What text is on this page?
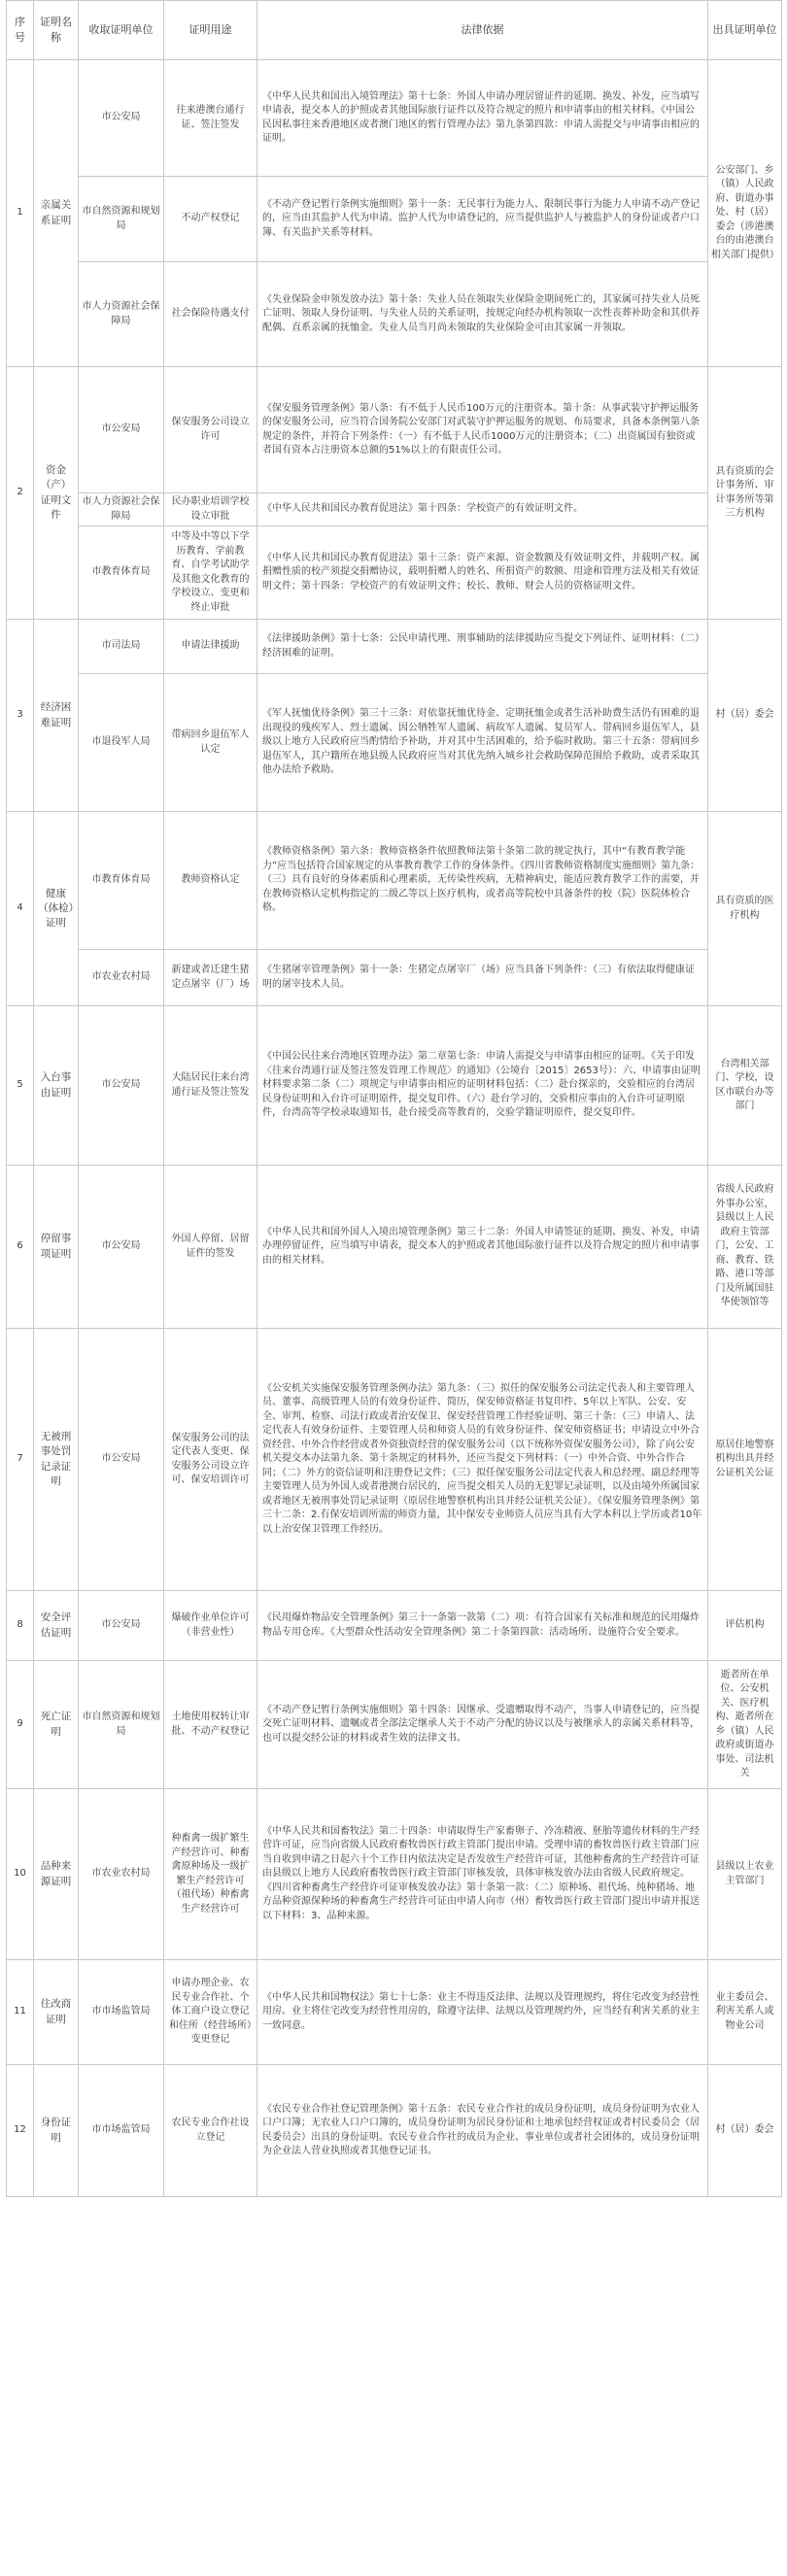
序号	证明名称	收取证明单位	证明用途	法律依据	出具证明单位
1	亲属关系证明	市公安局	往来港澳台通行证、签注签发	《中华人民共和国出入境管理法》第十七条：外国人申请办理居留证件的延期、换发、补发，应当填写申请表，提交本人的护照或者其他国际旅行证件以及符合规定的照片和申请事由的相关材料。《中国公民因私事往来香港地区或者澳门地区的暂行管理办法》第九条第四款：申请人需提交与申请事由相应的证明。	公安部门、乡（镇）人民政府、街道办事处、村（居）委会（涉港澳台的由港澳台相关部门提供）
		市自然资源和规划局	不动产权登记	《不动产登记暂行条例实施细则》第十一条：无民事行为能力人、限制民事行为能力人申请不动产登记的，应当由其监护人代为申请。监护人代为申请登记的，应当提供监护人与被监护人的身份证或者户口簿、有关监护关系等材料。	
		市人力资源社会保障局	社会保险待遇支付	《失业保险金申领发放办法》第十条：失业人员在领取失业保险金期间死亡的，其家属可持失业人员死亡证明、领取人身份证明、与失业人员的关系证明，按规定向经办机构领取一次性丧葬补助金和其供养配偶、直系亲属的抚恤金。失业人员当月尚未领取的失业保险金可由其家属一并领取。	
2	资金（产）证明文件	市公安局	保安服务公司设立许可	《保安服务管理条例》第八条：有不低于人民币100万元的注册资本。第十条：从事武装守护押运服务的保安服务公司，应当符合国务院公安部门对武装守护押运服务的规划、布局要求，具备本条例第八条规定的条件，并符合下列条件：（一）有不低于人民币1000万元的注册资本；（二）出资属国有独资或者国有资本占注册资本总额的51%以上的有限责任公司。	具有资质的会计事务所、审计事务所等第三方机构
		市人力资源社会保障局	民办职业培训学校设立审批	《中华人民共和国民办教育促进法》第十四条：学校资产的有效证明文件。	
		市教育体育局	中等及中等以下学历教育、学前教育、自学考试助学及其他文化教育的学校设立、变更和终止审批	《中华人民共和国民办教育促进法》第十三条：资产来源、资金数额及有效证明文件，并载明产权。属捐赠性质的校产须提交捐赠协议，载明捐赠人的姓名、所捐资产的数额、用途和管理方法及相关有效证明文件；第十四条：学校资产的有效证明文件；校长、教师、财会人员的资格证明文件。	
3	经济困难证明	市司法局	申请法律援助	《法律援助条例》第十七条：公民申请代理、刑事辅助的法律援助应当提交下列证件、证明材料：（二）经济困难的证明。	村（居）委会
		市退役军人局	带病回乡退伍军人认定	《军人抚恤优待条例》第三十三条：对依靠抚恤优待金、定期抚恤金或者生活补助费生活仍有困难的退出现役的残疾军人、烈士遗属、因公牺牲军人遗属、病故军人遗属、复员军人、带病回乡退伍军人，县级以上地方人民政府应当酌情给予补助，并对其中生活困难的，给予临时救助。第三十五条：带病回乡退伍军人，其户籍所在地县级人民政府应当对其优先纳入城乡社会救助保障范围给予救助，或者采取其他办法给予救助。	
4	健康（体检）证明	市教育体育局	教师资格认定	《教师资格条例》第六条：教师资格条件依照教师法第十条第二款的规定执行，其中“有教育教学能力”应当包括符合国家规定的从事教育教学工作的身体条件。《四川省教师资格制度实施细则》第九条：（三）具有良好的身体素质和心理素质，无传染性疾病，无精神病史，能适应教育教学工作的需要，并在教师资格认定机构指定的二级乙等以上医疗机构，或者高等院校中具备条件的校（院）医院体检合格。	具有资质的医疗机构
		市农业农村局	新建或者迁建生猪定点屠宰（厂）场	《生猪屠宰管理条例》第十一条：生猪定点屠宰厂（场）应当具备下列条件：（三）有依法取得健康证明的屠宰技术人员。	
5	入台事由证明	市公安局	大陆居民往来台湾通行证及签注签发	《中国公民往来台湾地区管理办法》第二章第七条：申请人需提交与申请事由相应的证明。《关于印发〈往来台湾通行证及签注签发管理工作规范〉的通知》（公境台〔2015〕2653号）：六、申请事由证明材料要求第二条（二）项规定与申请事由相应的证明材料包括：（二）赴台探亲的，交验相应的台湾居民身份证明和入台许可证明原件，提交复印件。（六）赴台学习的，交验相应事由的入台许可证明原件，台湾高等学校录取通知书，赴台接受高等教育的，交验学籍证明原件，提交复印件。	台湾相关部门、学校，设区市联台办等部门
6	停留事项证明	市公安局	外国人停留、居留证件的签发	《中华人民共和国外国人入境出境管理条例》第三十二条：外国人申请签证的延期、换发、补发，申请办理停留证件，应当填写申请表，提交本人的护照或者其他国际旅行证件以及符合规定的照片和申请事由的相关材料。	省级人民政府外事办公室，县级以上人民政府主管部门，公安、工商、教育、铁路、港口等部门及所属国驻华使领馆等
7	无被刑事处罚记录证明	市公安局	保安服务公司的法定代表人变更、保安服务公司设立许可、保安培训许可	《公安机关实施保安服务管理条例办法》第九条：（三）拟任的保安服务公司法定代表人和主要管理人员、董事、高级管理人员的有效身份证件、简历，保安师资格证书复印件、5年以上军队、公安、安全、审判、检察、司法行政或者治安保卫、保安经营管理工作经验证明、第三十条：（三）申请人、法定代表人有效身份证件、主要管理人员和师资人员的有效身份证件、保安师资格证书；申请设立中外合资经营、中外合作经营或者外资独资经营的保安服务公司（以下统称外资保安服务公司），除了向公安机关提交本办法第九条、第十条规定的材料外，还应当提交下列材料：（一）中外合资、中外合作合同；（二）外方的资信证明和注册登记文件；（三）拟任保安服务公司法定代表人和总经理、副总经理等主要管理人员为外国人或者港澳台居民的，应当提交相关人员的无犯罪记录证明，以及由境外所属国家或者地区无被刑事处罚记录证明（原居住地警察机构出具并经公证机关公证）。《保安服务管理条例》第三十二条：2.有保安培训所需的师资力量，其中保安专业师资人员应当具有大学本科以上学历或者10年以上治安保卫管理工作经历。	原居住地警察机构出具并经公证机关公证
8	安全评估证明	市公安局	爆破作业单位许可（非营业性）	《民用爆炸物品安全管理条例》第三十一条第一款第（二）项：有符合国家有关标准和规范的民用爆炸物品专用仓库。《大型群众性活动安全管理条例》第二十条第四款：活动场所、设施符合安全要求。	评估机构
9	死亡证明	市自然资源和规划局	土地使用权转让审批、不动产权登记	《不动产登记暂行条例实施细则》第十四条：因继承、受遗赠取得不动产，当事人申请登记的，应当提交死亡证明材料、遗嘱或者全部法定继承人关于不动产分配的协议以及与被继承人的亲属关系材料等，也可以提交经公证的材料或者生效的法律文书。	逝者所在单位、公安机关、医疗机构、逝者所在乡（镇）人民政府或街道办事处、司法机关
10	品种来源证明	市农业农村局	种畜禽一级扩繁生产经营许可、种畜禽原种场及一级扩繁生产经营许可（祖代场）种畜禽生产经营许可	《中华人民共和国畜牧法》第二十四条：申请取得生产家畜卵子、冷冻精液、胚胎等遗传材料的生产经营许可证，应当向省级人民政府畜牧兽医行政主管部门提出申请。受理申请的畜牧兽医行政主管部门应当自收到申请之日起六十个工作日内依法决定是否发放生产经营许可证，其他种畜禽的生产经营许可证由县级以上地方人民政府畜牧兽医行政主管部门审核发放，具体审核发放办法由省级人民政府规定。《四川省种畜禽生产经营许可证审核发放办法》第十条第一款：（二）原种场、祖代场、纯种猪场、地方品种资源保种场的种畜禽生产经营许可证由申请人向市（州）畜牧兽医行政主管部门提出申请并报送以下材料：3、品种来源。	县级以上农业主管部门
11	住改商证明	市市场监管局	申请办理企业、农民专业合作社、个体工商户设立登记和住所（经营场所）变更登记	《中华人民共和国物权法》第七十七条：业主不得违反法律、法规以及管理规约，将住宅改变为经营性用房。业主将住宅改变为经营性用房的，除遵守法律、法规以及管理规约外，应当经有利害关系的业主一致同意。	业主委员会、利害关系人或物业公司
12	身份证明	市市场监管局	农民专业合作社设立登记	《农民专业合作社登记管理条例》第十五条：农民专业合作社的成员身份证明，成员身份证明为农业人口户口簿；无农业人口户口簿的，成员身份证明为居民身份证和土地承包经营权证或者村民委员会（居民委员会）出具的身份证明。农民专业合作社的成员为企业、事业单位或者社会团体的，成员身份证明为企业法人营业执照或者其他登记证书。	村（居）委会
